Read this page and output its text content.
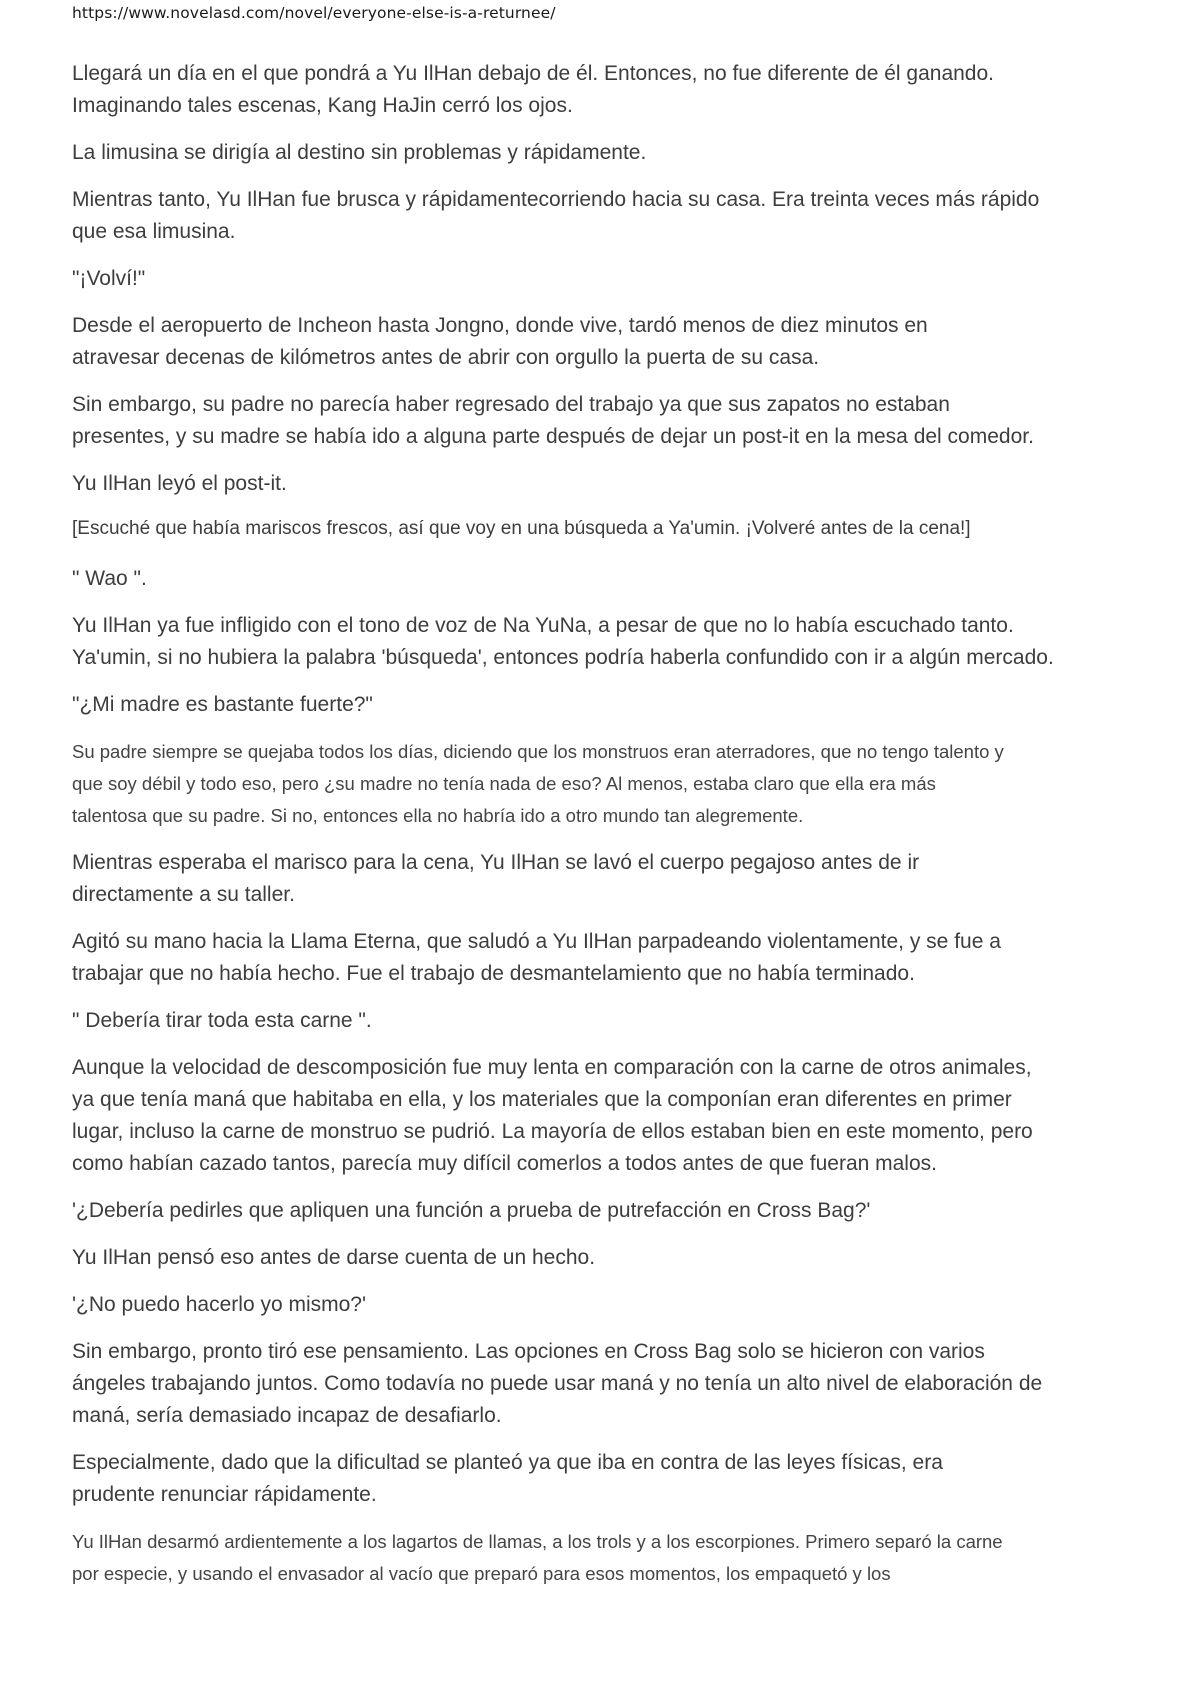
https://www.novelasd.com/novel/everyone-else-is-a-returnee/

Llegará un día en el que pondrá a Yu IlHan debajo de él. Entonces, no fue diferente de él ganando.
Imaginando tales escenas, Kang HaJin cerró los ojos.

La limusina se dirigía al destino sin problemas y rápidamente.

Mientras tanto, Yu IlHan fue brusca y rápidamentecorriendo hacia su casa. Era treinta veces más rápido
que esa limusina.

"¡Volví!"

Desde el aeropuerto de Incheon hasta Jongno, donde vive, tardó menos de diez minutos en
atravesar decenas de kilómetros antes de abrir con orgullo la puerta de su casa.

Sin embargo, su padre no parecía haber regresado del trabajo ya que sus zapatos no estaban
presentes, y su madre se había ido a alguna parte después de dejar un post-it en la mesa del comedor.

Yu IlHan leyó el post-it.

[Escuché que había mariscos frescos, así que voy en una búsqueda a Ya'umin. ¡Volveré antes de la cena!]

" Wao ".

Yu IlHan ya fue infligido con el tono de voz de Na YuNa, a pesar de que no lo había escuchado tanto.
Ya'umin, si no hubiera la palabra 'búsqueda', entonces podría haberla confundido con ir a algún mercado.

"¿Mi madre es bastante fuerte?"

Su padre siempre se quejaba todos los días, diciendo que los monstruos eran aterradores, que no tengo talento y
que soy débil y todo eso, pero ¿su madre no tenía nada de eso? Al menos, estaba claro que ella era más
talentosa que su padre. Si no, entonces ella no habría ido a otro mundo tan alegremente.

Mientras esperaba el marisco para la cena, Yu IlHan se lavó el cuerpo pegajoso antes de ir
directamente a su taller.

Agitó su mano hacia la Llama Eterna, que saludó a Yu IlHan parpadeando violentamente, y se fue a
trabajar que no había hecho. Fue el trabajo de desmantelamiento que no había terminado.

" Debería tirar toda esta carne ".

Aunque la velocidad de descomposición fue muy lenta en comparación con la carne de otros animales,
ya que tenía maná que habitaba en ella, y los materiales que la componían eran diferentes en primer
lugar, incluso la carne de monstruo se pudrió. La mayoría de ellos estaban bien en este momento, pero
como habían cazado tantos, parecía muy difícil comerlos a todos antes de que fueran malos.

'¿Debería pedirles que apliquen una función a prueba de putrefacción en Cross Bag?'

Yu IlHan pensó eso antes de darse cuenta de un hecho.

'¿No puedo hacerlo yo mismo?'

Sin embargo, pronto tiró ese pensamiento. Las opciones en Cross Bag solo se hicieron con varios
ángeles trabajando juntos. Como todavía no puede usar maná y no tenía un alto nivel de elaboración de
maná, sería demasiado incapaz de desafiarlo.

Especialmente, dado que la dificultad se planteó ya que iba en contra de las leyes físicas, era
prudente renunciar rápidamente.

Yu IlHan desarmó ardientemente a los lagartos de llamas, a los trols y a los escorpiones. Primero separó la carne
por especie, y usando el envasador al vacío que preparó para esos momentos, los empaquetó y los
